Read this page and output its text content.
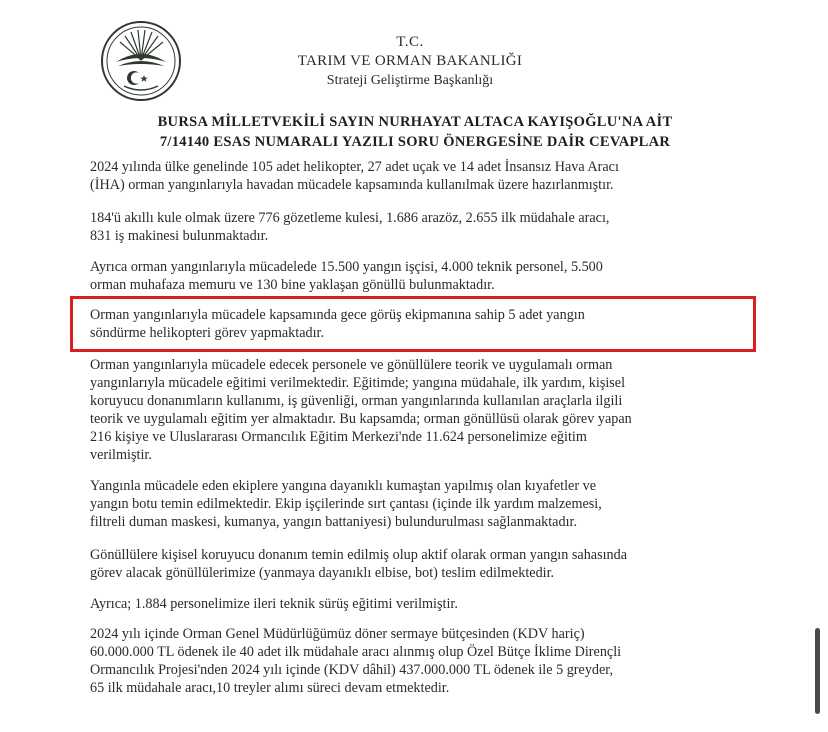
T.C.
TARIM VE ORMAN BAKANLIĞI
Strateji Geliştirme Başkanlığı
BURSA MİLLETVEKİLİ SAYIN NURHAYAT ALTACA KAYIŞOĞLU'NA AİT
7/14140 ESAS NUMARALI YAZILI SORU ÖNERGESİNE DAİR CEVAPLAR
2024 yılında ülke genelinde 105 adet helikopter, 27 adet uçak ve 14 adet İnsansız Hava Aracı
(İHA) orman yangınlarıyla havadan mücadele kapsamında kullanılmak üzere hazırlanmıştır.
184'ü akıllı kule olmak üzere 776 gözetleme kulesi, 1.686 arazöz, 2.655 ilk müdahale aracı,
831 iş makinesi bulunmaktadır.
Ayrıca orman yangınlarıyla mücadelede 15.500 yangın işçisi, 4.000 teknik personel, 5.500
orman muhafaza memuru ve 130 bine yaklaşan gönüllü bulunmaktadır.
Orman yangınlarıyla mücadele kapsamında gece görüş ekipmanına sahip 5 adet yangın
söndürme helikopteri görev yapmaktadır.
Orman yangınlarıyla mücadele edecek personele ve gönüllülere teorik ve uygulamalı orman
yangınlarıyla mücadele eğitimi verilmektedir. Eğitimde; yangına müdahale, ilk yardım, kişisel
koruyucu donanımların kullanımı, iş güvenliği, orman yangınlarında kullanılan araçlarla ilgili
teorik ve uygulamalı eğitim yer almaktadır. Bu kapsamda; orman gönüllüsü olarak görev yapan
216 kişiye ve Uluslararası Ormancılık Eğitim Merkezi'nde 11.624 personelimize eğitim
verilmiştir.
Yangınla mücadele eden ekiplere yangına dayanıklı kumaştan yapılmış olan kıyafetler ve
yangın botu temin edilmektedir. Ekip işçilerinde sırt çantası (içinde ilk yardım malzemesi,
filtreli duman maskesi, kumanya, yangın battaniyesi) bulundurulması sağlanmaktadır.
Gönüllülere kişisel koruyucu donanım temin edilmiş olup aktif olarak orman yangın sahasında
görev alacak gönüllülerimize (yanmaya dayanıklı elbise, bot) teslim edilmektedir.
Ayrıca; 1.884 personelimize ileri teknik sürüş eğitimi verilmiştir.
2024 yılı içinde Orman Genel Müdürlüğümüz döner sermaye bütçesinden (KDV hariç)
60.000.000 TL ödenek ile 40 adet ilk müdahale aracı alınmış olup Özel Bütçe İklime Dirençli
Ormancılık Projesi'nden 2024 yılı içinde (KDV dâhil) 437.000.000 TL ödenek ile 5 greyder,
65 ilk müdahale aracı,10 treyler alımı süreci devam etmektedir.
